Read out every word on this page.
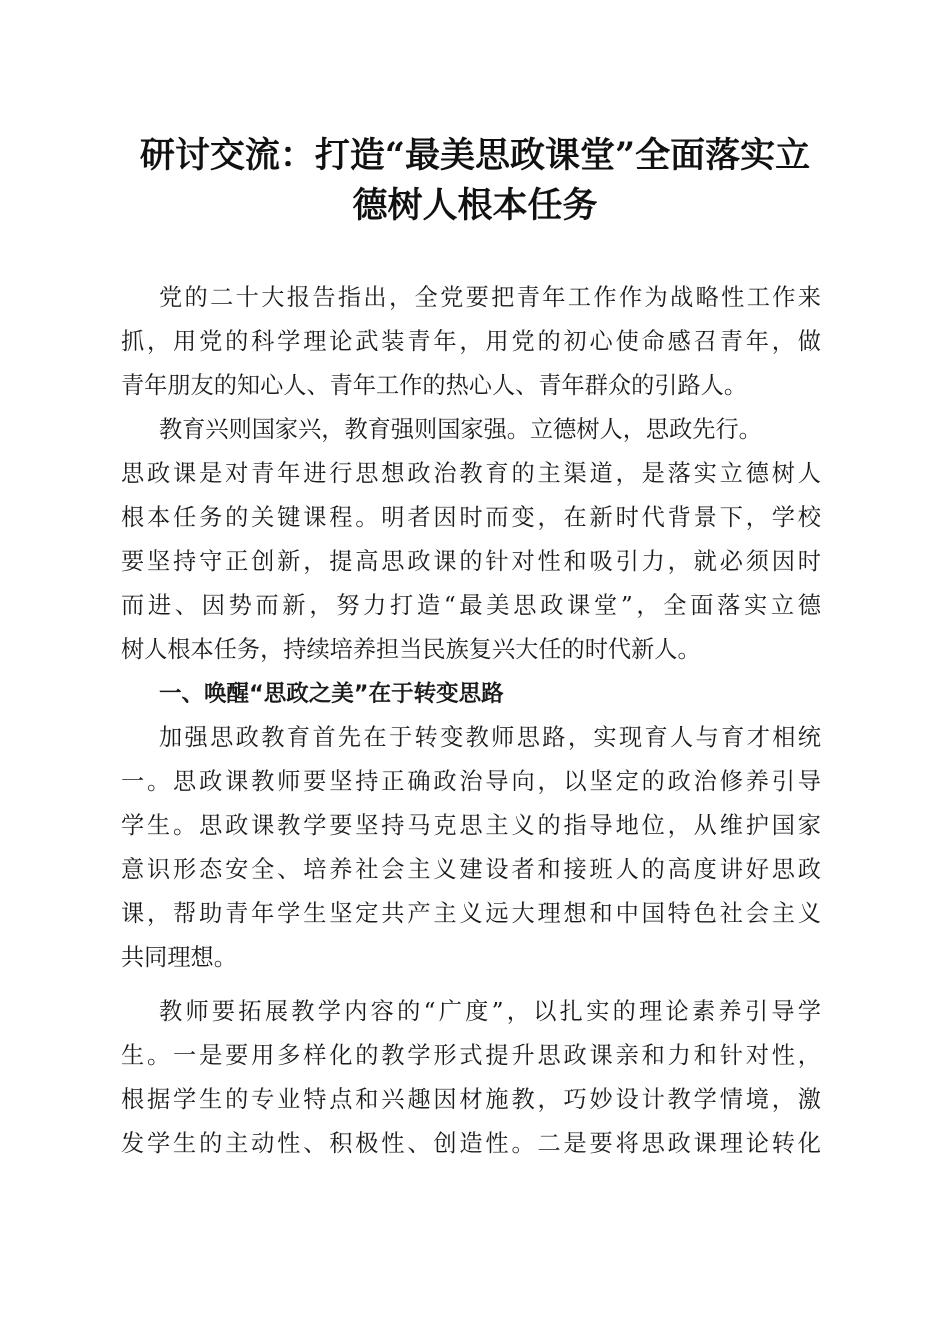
研讨交流：打造“最美思政课堂”全面落实立
德树人根本任务
党的二十大报告指出，全党要把青年工作作为战略性工作来
抓，用党的科学理论武装青年，用党的初心使命感召青年，做
青年朋友的知心人、青年工作的热心人、青年群众的引路人。
教育兴则国家兴，教育强则国家强。立德树人，思政先行。
思政课是对青年进行思想政治教育的主渠道，是落实立德树人
根本任务的关键课程。明者因时而变，在新时代背景下，学校
要坚持守正创新，提高思政课的针对性和吸引力，就必须因时
而进、因势而新，努力打造“最美思政课堂”，全面落实立德
树人根本任务，持续培养担当民族复兴大任的时代新人。
一、唤醒“思政之美”在于转变思路
加强思政教育首先在于转变教师思路，实现育人与育才相统
一。思政课教师要坚持正确政治导向，以坚定的政治修养引导
学生。思政课教学要坚持马克思主义的指导地位，从维护国家
意识形态安全、培养社会主义建设者和接班人的高度讲好思政
课，帮助青年学生坚定共产主义远大理想和中国特色社会主义
共同理想。
教师要拓展教学内容的“广度”，以扎实的理论素养引导学
生。一是要用多样化的教学形式提升思政课亲和力和针对性，
根据学生的专业特点和兴趣因材施教，巧妙设计教学情境，激
发学生的主动性、积极性、创造性。二是要将思政课理论转化
